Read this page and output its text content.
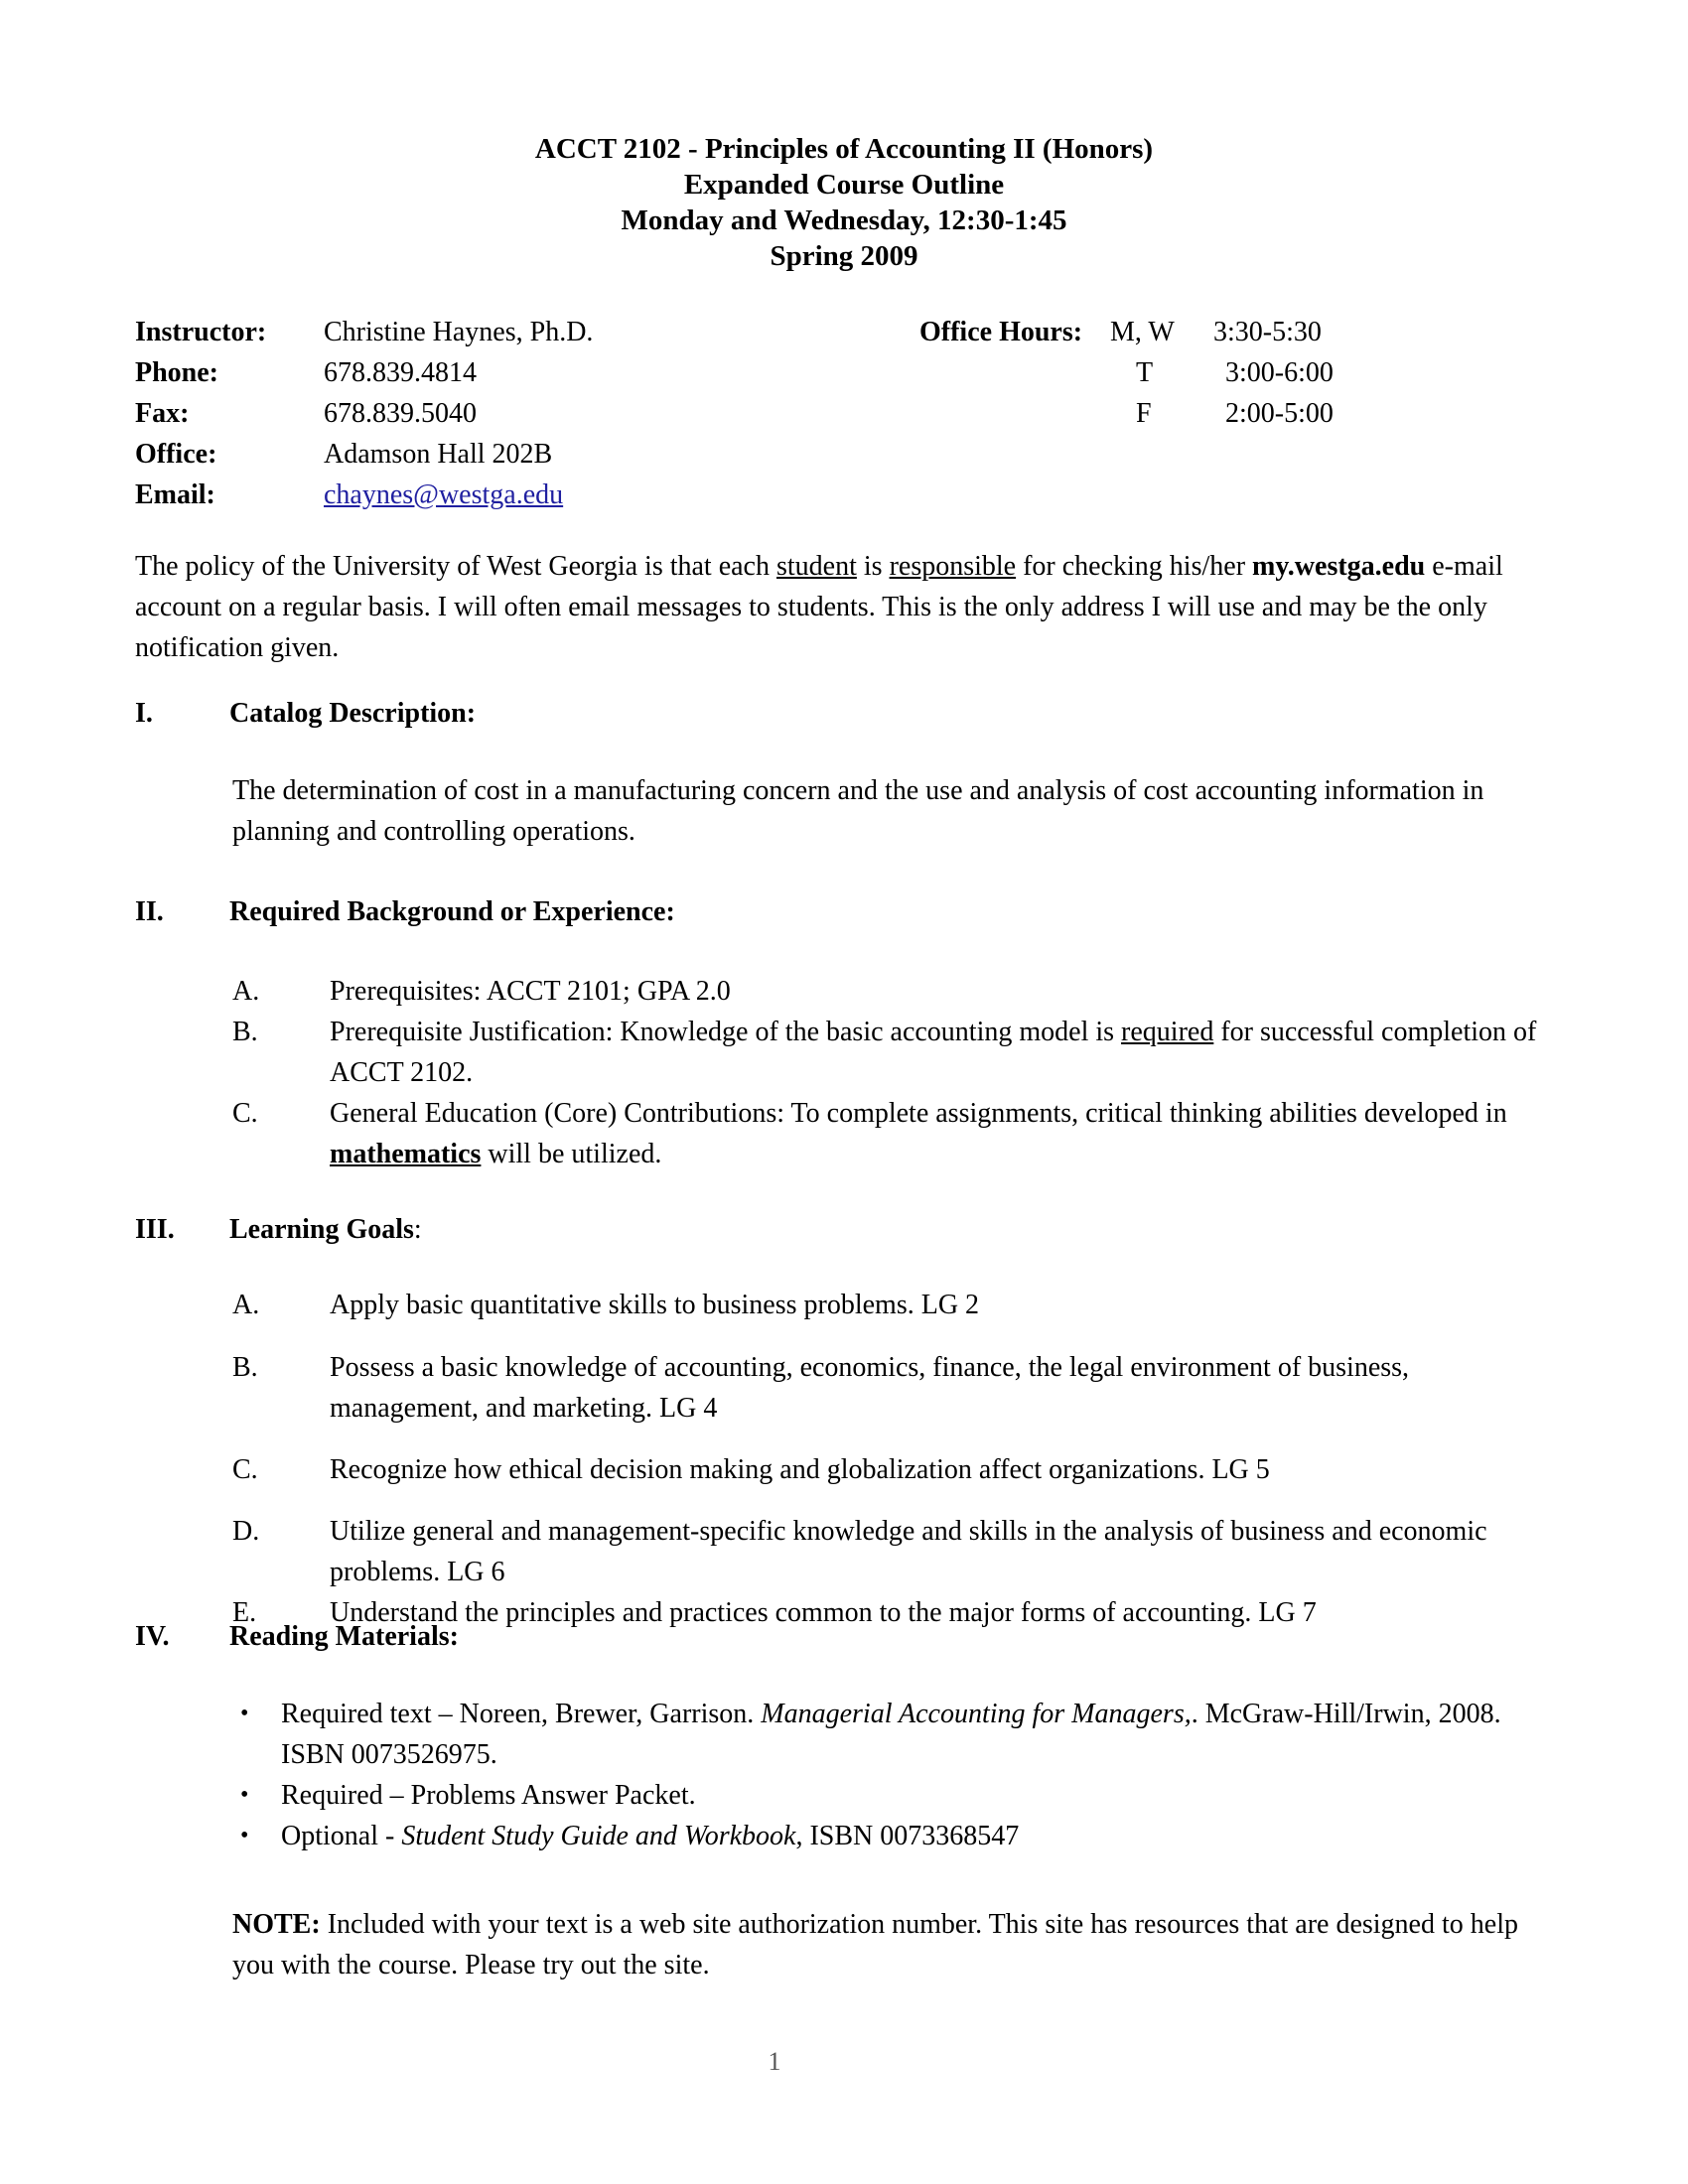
ACCT 2102 - Principles of Accounting II (Honors)
Expanded Course Outline
Monday and Wednesday, 12:30-1:45
Spring 2009
Instructor: Christine Haynes, Ph.D.	Office Hours: M, W 3:30-5:30
Phone:	678.839.4814	T	3:00-6:00
Fax:	678.839.5040	F	2:00-5:00
Office:	Adamson Hall 202B
Email:	chaynes@westga.edu
The policy of the University of West Georgia is that each student is responsible for checking his/her my.westga.edu e-mail account on a regular basis. I will often email messages to students. This is the only address I will use and may be the only notification given.
I.	Catalog Description:
The determination of cost in a manufacturing concern and the use and analysis of cost accounting information in planning and controlling operations.
II. Required Background or Experience:
A.	Prerequisites: ACCT 2101; GPA 2.0
B.	Prerequisite Justification: Knowledge of the basic accounting model is required for successful completion of ACCT 2102.
C.	General Education (Core) Contributions: To complete assignments, critical thinking abilities developed in mathematics will be utilized.
III. Learning Goals:
A.	Apply basic quantitative skills to business problems. LG 2
B.	Possess a basic knowledge of accounting, economics, finance, the legal environment of business, management, and marketing. LG 4
C.	Recognize how ethical decision making and globalization affect organizations. LG 5
D.	Utilize general and management-specific knowledge and skills in the analysis of business and economic problems. LG 6
E.	Understand the principles and practices common to the major forms of accounting. LG 7
IV. Reading Materials:
• Required text – Noreen, Brewer, Garrison. Managerial Accounting for Managers,. McGraw-Hill/Irwin, 2008. ISBN 0073526975.
• Required – Problems Answer Packet.
• Optional - Student Study Guide and Workbook, ISBN 0073368547
NOTE: Included with your text is a web site authorization number. This site has resources that are designed to help you with the course. Please try out the site.
1
